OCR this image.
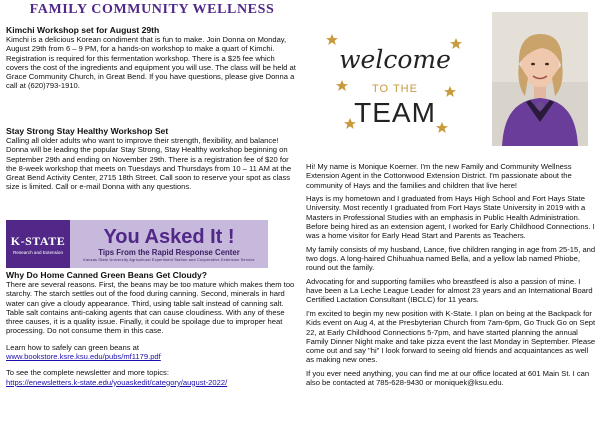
FAMILY COMMUNITY WELLNESS
Kimchi Workshop set for August 29th
Kimchi is a delicious Korean condiment that is fun to make. Join Donna on Monday, August 29th from 6 – 9 PM, for a hands-on workshop to make a quart of Kimchi. Registration is required for this fermentation workshop. There is a $25 fee which covers the cost of the ingredients and equipment you will use. The class will be held at Grace Community Church, in Great Bend. If you have questions, please give Donna a call at (620)793-1910.
Stay Strong Stay Healthy Workshop Set
Calling all older adults who want to improve their strength, flexibility, and balance! Donna will be leading the popular Stay Strong, Stay Healthy workshop beginning on September 29th and ending on November 29th. There is a registration fee of $20 for the 8-week workshop that meets on Tuesdays and Thursdays from 10 – 11 AM at the Great Bend Activity Center, 2715 18th Street. Call soon to reserve your spot as class size is limited. Call or e-mail Donna with any questions.
K-STATE
Research and Extension
You Asked It !
Tips From the Rapid Response Center
Kansas State University Agricultural Experiment Station and Cooperative Extension Service
Why Do Home Canned Green Beans Get Cloudy?
There are several reasons. First, the beans may be too mature which makes them too starchy. The starch settles out of the food during canning. Second, minerals in hard water can give a cloudy appearance. Third, using table salt instead of canning salt. Table salt contains anti-caking agents that can cause cloudiness. With any of these three causes, it is a quality issue. Finally, it could be spoilage due to improper heat processing. Do not consume them in this case.
Learn how to safely can green beans at
www.bookstore.ksre.ksu.edu/pubs/mf1179.pdf
To see the complete newsletter and more topics:
https://enewsletters.k-state.edu/youaskedit/category/august-2022/
welcome
TO THE
TEAM
Hi! My name is Monique Koerner. I'm the new Family and Community Wellness Extension Agent in the Cottonwood Extension District. I'm passionate about the community of Hays and the families and children that live here!
Hays is my hometown and I graduated from Hays High School and Fort Hays State University. Most recently I graduated from Fort Hays State University in 2019 with a Masters in Professional Studies with an emphasis in Public Health Administration. Before being hired as an extension agent, I worked for Early Childhood Connections. I was a home visitor for Early Head Start and Parents as Teachers.
My family consists of my husband, Lance, five children ranging in age from 25-15, and two dogs. A long-haired Chihuahua named Bella, and a yellow lab named Phiobe, round out the family.
Advocating for and supporting families who breastfeed is also a passion of mine. I have been a La Leche League Leader for almost 23 years and an International Board Certified Lactation Consultant (IBCLC) for 11 years.
I'm excited to begin my new position with K-State. I plan on being at the Backpack for Kids event on Aug 4, at the Presbyterian Church from 7am-6pm, Go Truck Go on Sept 22, at Early Childhood Connections 5-7pm, and have started planning the annual Family Dinner Night make and take pizza event the last Monday in September. Please come out and say "hi" I look forward to seeing old friends and acquaintances as well as making new ones.
If you ever need anything, you can find me at our office located at 601 Main St. I can also be contacted at 785-628-9430 or moniquek@ksu.edu.
